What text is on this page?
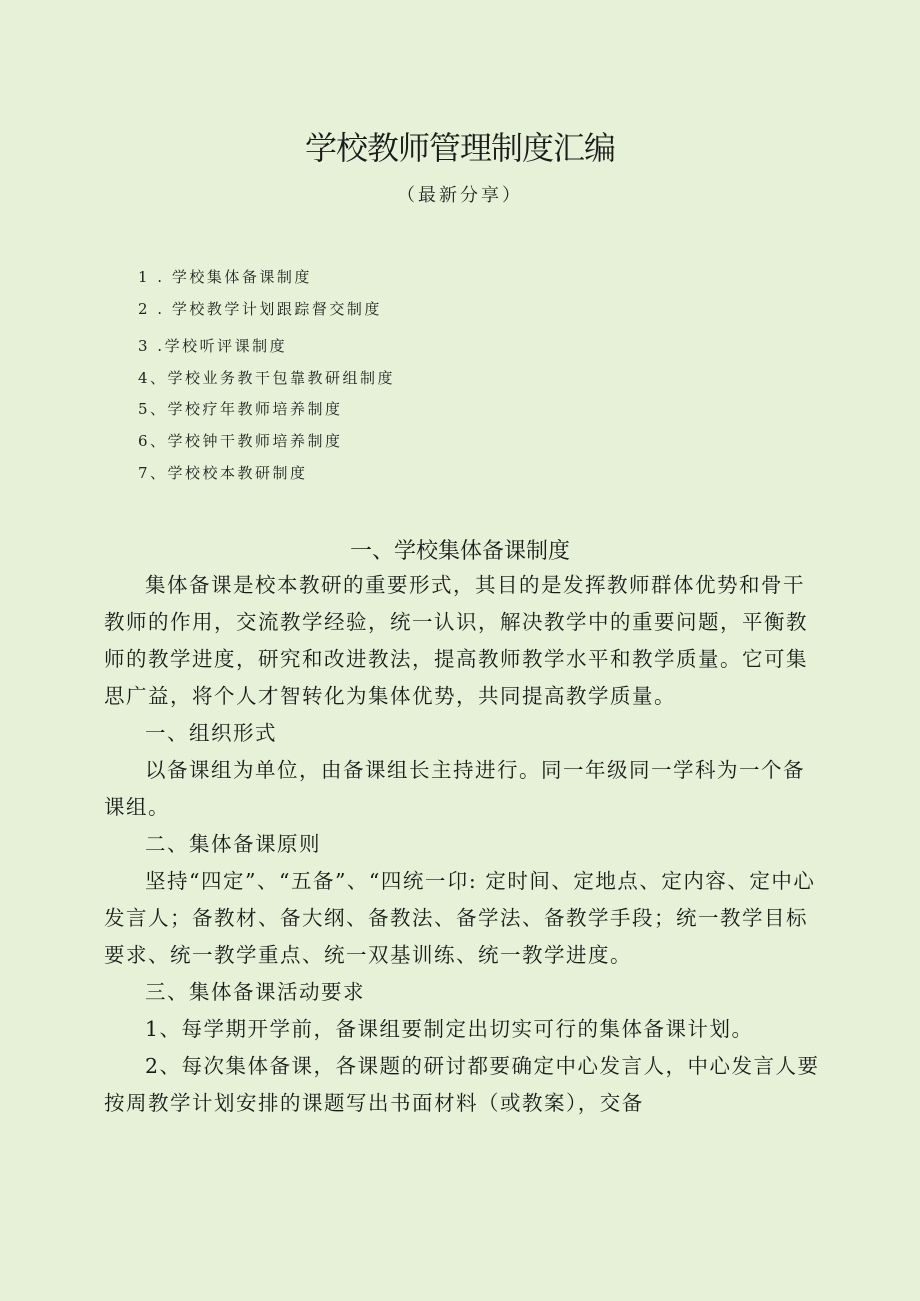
学校教师管理制度汇编
（最新分享）
1 . 学校集体备课制度
2 . 学校教学计划跟踪督交制度
3 .学校听评课制度
4、学校业务教干包靠教研组制度
5、学校疗年教师培养制度
6、学校钟干教师培养制度
7、学校校本教研制度
一、学校集体备课制度

集体备课是校本教研的重要形式，其目的是发挥教师群体优势和骨干教师的作用，交流教学经验，统一认识，解决教学中的重要问题，平衡教师的教学进度，研究和改进教法，提高教师教学水平和教学质量。它可集思广益，将个人才智转化为集体优势，共同提高教学质量。

一、组织形式

以备课组为单位，由备课组长主持进行。同一年级同一学科为一个备课组。

二、集体备课原则

坚持“四定”、“五备”、“四统一卬: 定时间、定地点、定内容、定中心发言人；备教材、备大纲、备教法、备学法、备教学手段；统一教学目标要求、统一教学重点、统一双基训练、统一教学进度。

三、集体备课活动要求

1、每学期开学前，备课组要制定出切实可行的集体备课计划。

2、每次集体备课，各课题的研讨都要确定中心发言人，中心发言人要按周教学计划安排的课题写出书面材料（或教案），交备
